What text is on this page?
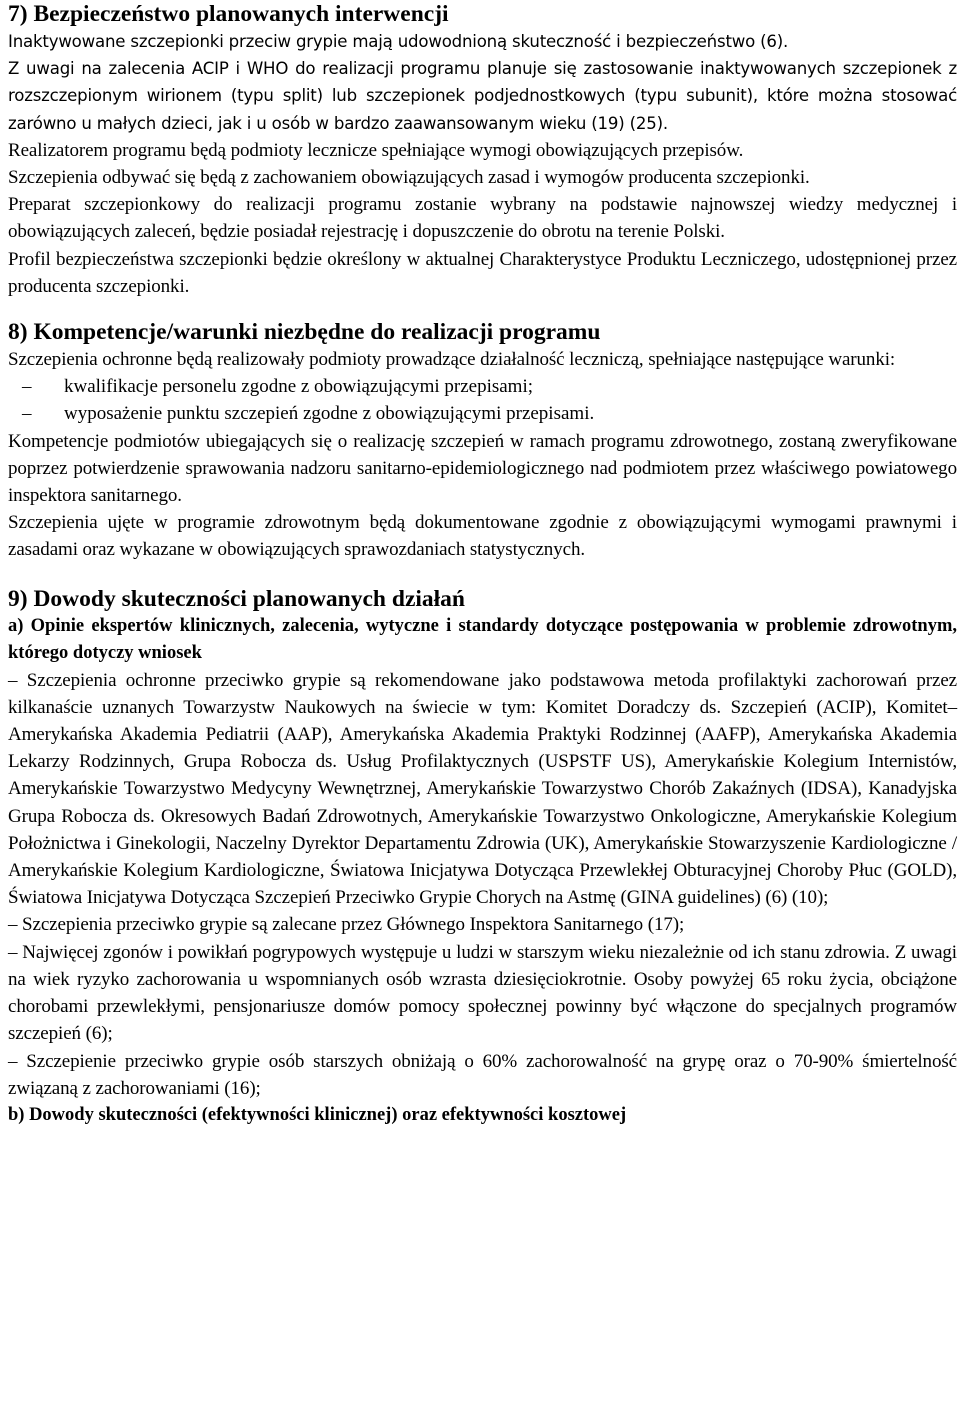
7) Bezpieczeństwo planowanych interwencji

Inaktywowane szczepionki przeciw grypie mają udowodnioną skuteczność i bezpieczeństwo (6).

Z uwagi na zalecenia ACIP i WHO do realizacji programu planuje się zastosowanie inaktywowanych szczepionek z rozszczepionym wirionem (typu split) lub szczepionek podjednostkowych (typu subunit), które można stosować zarówno u małych dzieci, jak i u osób w bardzo zaawansowanym wieku (19) (25).

Realizatorem programu będą podmioty lecznicze spełniające wymogi obowiązujących przepisów.

Szczepienia odbywać się będą z zachowaniem obowiązujących zasad i wymogów producenta szczepionki.

Preparat szczepionkowy do realizacji programu zostanie wybrany na podstawie najnowszej wiedzy medycznej i obowiązujących zaleceń, będzie posiadał rejestrację i dopuszczenie do obrotu na terenie Polski.

Profil bezpieczeństwa szczepionki będzie określony w aktualnej Charakterystyce Produktu Leczniczego, udostępnionej przez producenta szczepionki.

8) Kompetencje/warunki niezbędne do realizacji programu

Szczepienia ochronne będą realizowały podmioty prowadzące działalność leczniczą, spełniające następujące warunki:

–	kwalifikacje personelu zgodne z obowiązującymi przepisami;
–	wyposażenie punktu szczepień zgodne z obowiązującymi przepisami.

Kompetencje podmiotów ubiegających się o realizację szczepień w ramach programu zdrowotnego, zostaną zweryfikowane poprzez potwierdzenie sprawowania nadzoru sanitarno-epidemiologicznego nad podmiotem przez właściwego powiatowego inspektora sanitarnego.

Szczepienia ujęte w programie zdrowotnym będą dokumentowane zgodnie z obowiązującymi wymogami prawnymi i zasadami oraz wykazane w obowiązujących sprawozdaniach statystycznych.

9) Dowody skuteczności planowanych działań
a) Opinie ekspertów klinicznych, zalecenia, wytyczne i standardy dotyczące postępowania w problemie zdrowotnym, którego dotyczy wniosek

– Szczepienia ochronne przeciwko grypie są rekomendowane jako podstawowa metoda profilaktyki zachorowań przez kilkanaście uznanych Towarzystw Naukowych na świecie w tym: Komitet Doradczy ds. Szczepień (ACIP), Komitet– Amerykańska Akademia Pediatrii (AAP), Amerykańska Akademia Praktyki Rodzinnej (AAFP), Amerykańska Akademia Lekarzy Rodzinnych, Grupa Robocza ds. Usług Profilaktycznych (USPSTF US), Amerykańskie Kolegium Internistów, Amerykańskie Towarzystwo Medycyny Wewnętrznej, Amerykańskie Towarzystwo Chorób Zakaźnych (IDSA), Kanadyjska Grupa Robocza ds. Okresowych Badań Zdrowotnych, Amerykańskie Towarzystwo Onkologiczne, Amerykańskie Kolegium Położnictwa i Ginekologii, Naczelny Dyrektor Departamentu Zdrowia (UK), Amerykańskie Stowarzyszenie Kardiologiczne / Amerykańskie Kolegium Kardiologiczne, Światowa Inicjatywa Dotycząca Przewlekłej Obturacyjnej Choroby Płuc (GOLD), Światowa Inicjatywa Dotycząca Szczepień Przeciwko Grypie Chorych na Astmę (GINA guidelines) (6) (10);

– Szczepienia przeciwko grypie są zalecane przez Głównego Inspektora Sanitarnego (17);

– Najwięcej zgonów i powikłań pogrypowych występuje u ludzi w starszym wieku niezależnie od ich stanu zdrowia. Z uwagi na wiek ryzyko zachorowania u wspomnianych osób wzrasta dziesięciokrotnie. Osoby powyżej 65 roku życia, obciążone chorobami przewlekłymi, pensjonariusze domów pomocy społecznej powinny być włączone do specjalnych programów szczepień (6);

– Szczepienie przeciwko grypie osób starszych obniżają o 60% zachorowalność na grypę oraz o 70-90% śmiertelność związaną z zachorowaniami (16);

b) Dowody skuteczności (efektywności klinicznej) oraz efektywności kosztowej
